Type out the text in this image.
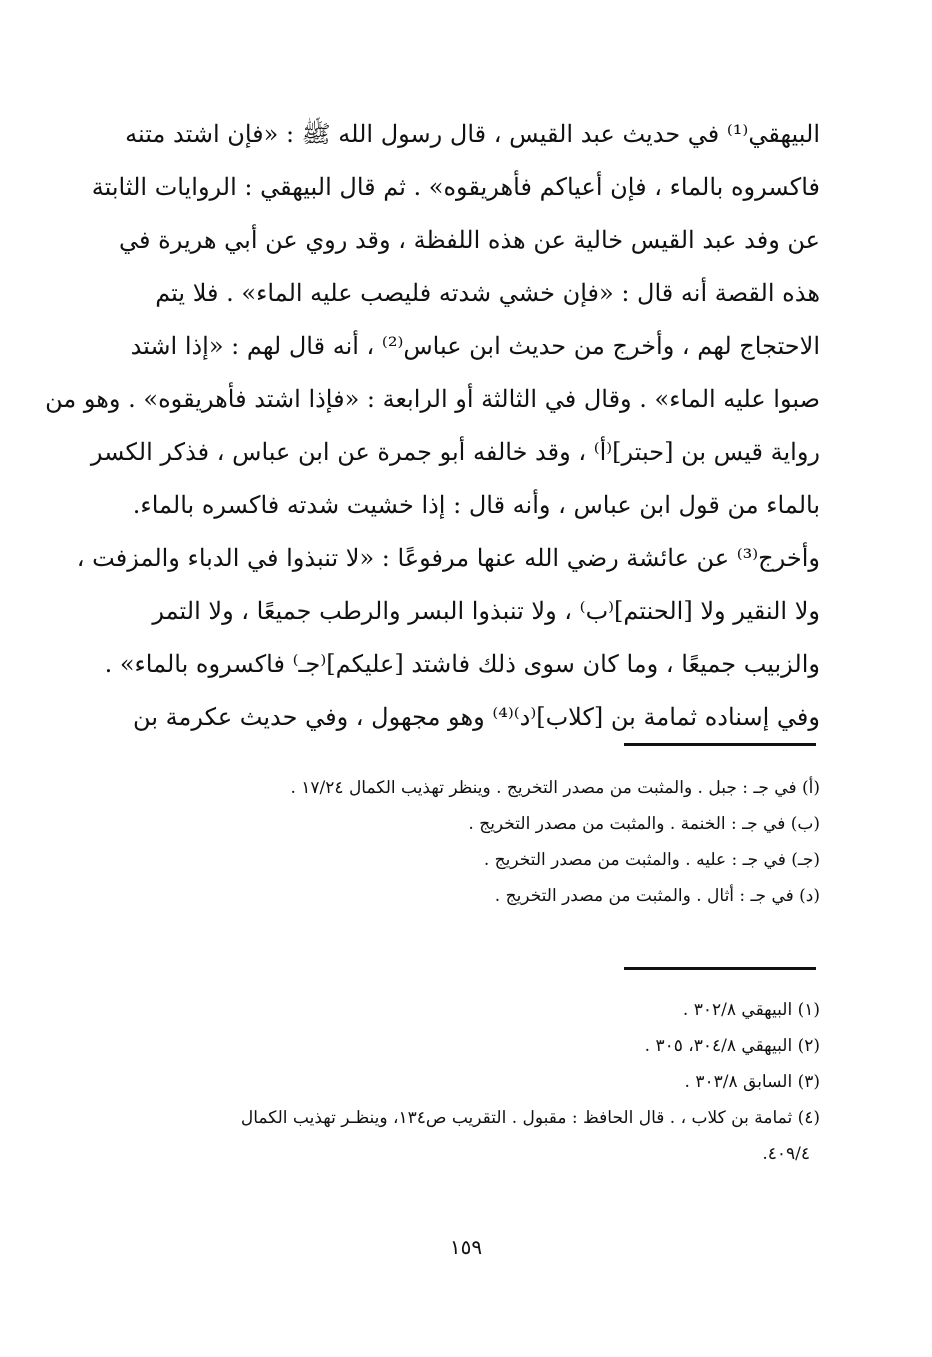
البيهقي⁽¹⁾ في حديث عبد القيس ، قال رسول الله ﷺ : «فإن اشتد متنه
فاكسروه بالماء ، فإن أعياكم فأهريقوه» . ثم قال البيهقي : الروايات الثابتة
عن وفد عبد القيس خالية عن هذه اللفظة ، وقد روي عن أبي هريرة في
هذه القصة أنه قال : «فإن خشي شدته فليصب عليه الماء» . فلا يتم
الاحتجاج لهم ، وأخرج من حديث ابن عباس⁽²⁾ ، أنه قال لهم : «إذا اشتد
صبوا عليه الماء» . وقال في الثالثة أو الرابعة : «فإذا اشتد فأهريقوه» . وهو من
رواية قيس بن [حبتر]⁽أ⁾ ، وقد خالفه أبو جمرة عن ابن عباس ، فذكر الكسر
بالماء من قول ابن عباس ، وأنه قال : إذا خشيت شدته فاكسره بالماء.
وأخرج⁽³⁾ عن عائشة رضي الله عنها مرفوعًا : «لا تنبذوا في الدباء والمزفت ،
ولا النقير ولا [الحنتم]⁽ب⁾ ، ولا تنبذوا البسر والرطب جميعًا ، ولا التمر
والزبيب جميعًا ، وما كان سوى ذلك فاشتد [عليكم]⁽جـ⁾ فاكسروه بالماء» .
وفي إسناده ثمامة بن [كلاب]⁽د⁾⁽⁴⁾ وهو مجهول ، وفي حديث عكرمة بن
(أ) في جـ : جبل . والمثبت من مصدر التخريج . وينظر تهذيب الكمال ١٧/٢٤ .
(ب) في جـ : الخنمة . والمثبت من مصدر التخريج .
(جـ) في جـ : عليه . والمثبت من مصدر التخريج .
(د) في جـ : أثال . والمثبت من مصدر التخريج .
(١) البيهقي ٣٠٢/٨ .
(٢) البيهقي ٣٠٤/٨، ٣٠٥ .
(٣) السابق ٣٠٣/٨ .
(٤) ثمامة بن كلاب ، . قال الحافظ : مقبول . التقريب ص١٣٤، وينظـر تهذيب الكمال
٤٠٩/٤.
١٥٩
